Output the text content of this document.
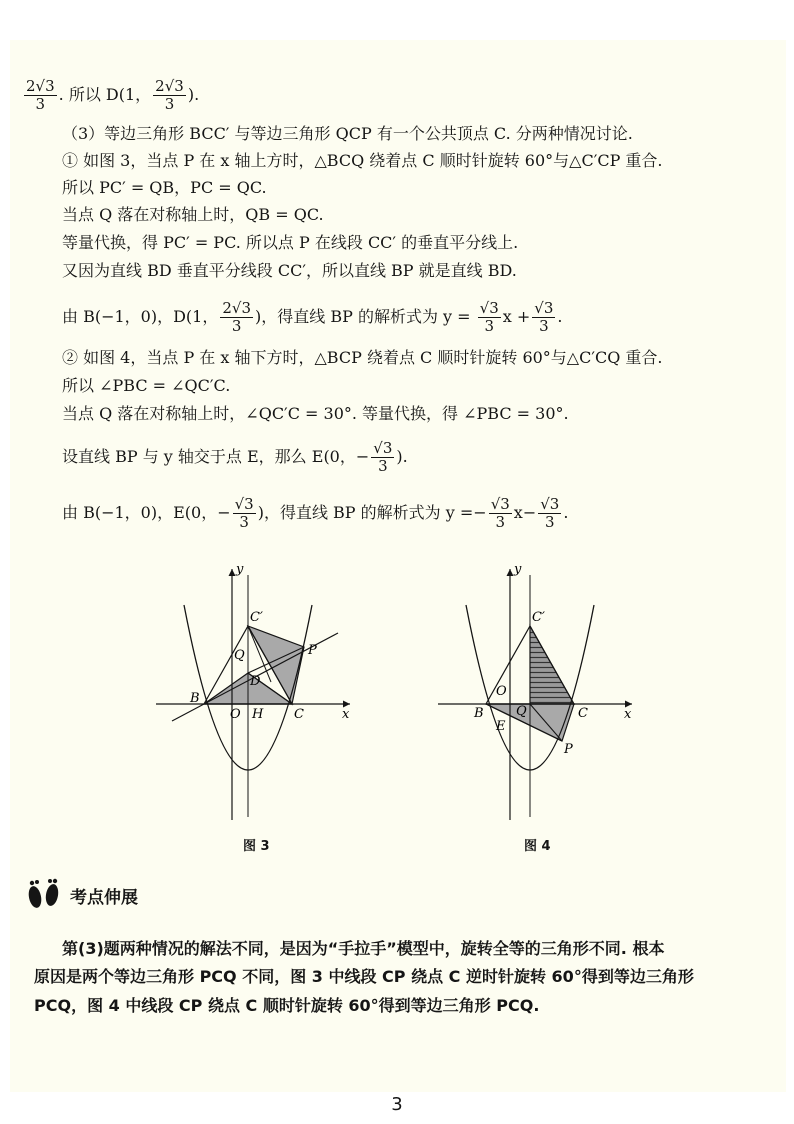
$\frac{2√3}{3}$ . 所以 D(1， $\frac{2√3}{3}$ ).
（3）等边三角形 BCC′ 与等边三角形 QCP 有一个公共顶点 C. 分两种情况讨论.
① 如图 3，当点 P 在 x 轴上方时，△BCQ 绕着点 C 顺时针旋转 60°与△C′CP 重合.
所以 PC′ = QB，PC = QC.
当点 Q 落在对称轴上时，QB = QC.
等量代换，得 PC′ = PC. 所以点 P 在线段 CC′ 的垂直平分线上.
又因为直线 BD 垂直平分线段 CC′，所以直线 BP 就是直线 BD.
由 B(−1，0)，D(1， $\frac{2√3}{3}$ )，得直线 BP 的解析式为 $y = \frac{√3}{3}$ $x + \frac{√3}{3}$ .
② 如图 4，当点 P 在 x 轴下方时，△BCP 绕着点 C 顺时针旋转 60°与△C′CQ 重合.
所以 ∠PBC = ∠QC′C.
当点 Q 落在对称轴上时，∠QC′C = 30°. 等量代换，得 ∠PBC = 30°.
设直线 BP 与 y 轴交于点 E，那么 E(0，− $\frac{√3}{3}$ ).
由 B(−1，0)，E(0，− $\frac{√3}{3}$ )，得直线 BP 的解析式为 $y =- \frac{√3}{3} x- \frac{√3}{3}$ .
y
x
O H
B
C
C′
P
Q
D
图 3
y
x
O
B	C
C′
P
Q
E
图 4
考点伸展
第(3)题两种情况的解法不同，是因为“手拉手”模型中，旋转全等的三角形不同. 根本
原因是两个等边三角形 PCQ 不同，图 3 中线段 CP 绕点 C 逆时针旋转 60°得到等边三角形
PCQ，图 4 中线段 CP 绕点 C 顺时针旋转 60°得到等边三角形 PCQ.
3
